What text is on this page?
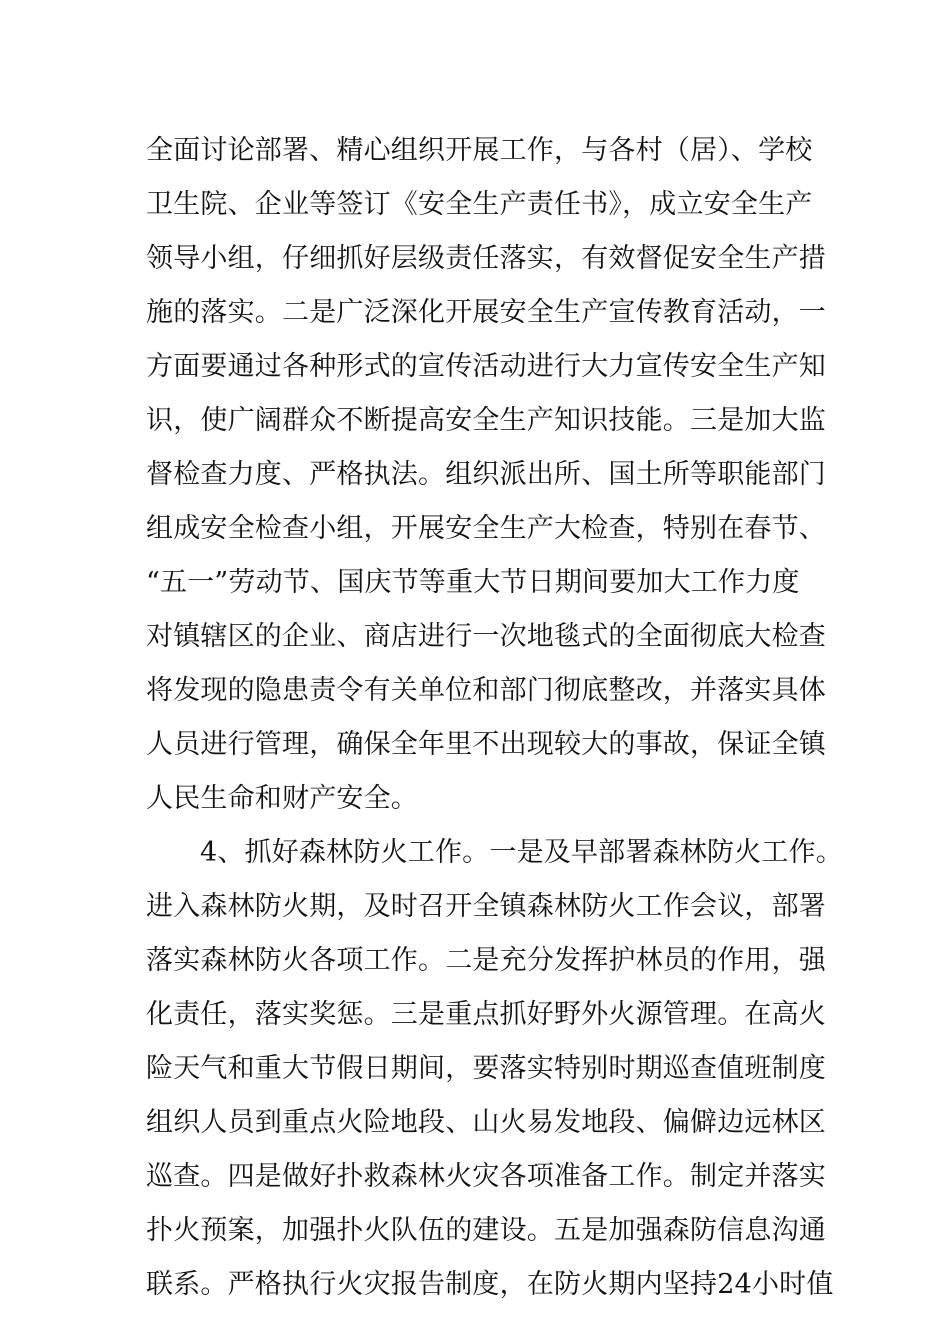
全面讨论部署、精心组织开展工作，与各村（居）、学校
卫生院、企业等签订《安全生产责任书》，成立安全生产
领导小组，仔细抓好层级责任落实，有效督促安全生产措
施的落实。二是广泛深化开展安全生产宣传教育活动，一
方面要通过各种形式的宣传活动进行大力宣传安全生产知
识，使广阔群众不断提高安全生产知识技能。三是加大监
督检查力度、严格执法。组织派出所、国土所等职能部门
组成安全检查小组，开展安全生产大检查，特别在春节、
“五一”劳动节、国庆节等重大节日期间要加大工作力度
对镇辖区的企业、商店进行一次地毯式的全面彻底大检查
将发现的隐患责令有关单位和部门彻底整改，并落实具体
人员进行管理，确保全年里不出现较大的事故，保证全镇
人民生命和财产安全。
4、抓好森林防火工作。一是及早部署森林防火工作。
进入森林防火期，及时召开全镇森林防火工作会议，部署
落实森林防火各项工作。二是充分发挥护林员的作用，强
化责任，落实奖惩。三是重点抓好野外火源管理。在高火
险天气和重大节假日期间，要落实特别时期巡查值班制度
组织人员到重点火险地段、山火易发地段、偏僻边远林区
巡查。四是做好扑救森林火灾各项准备工作。制定并落实
扑火预案，加强扑火队伍的建设。五是加强森防信息沟通
联系。严格执行火灾报告制度，在防火期内坚持24小时值
